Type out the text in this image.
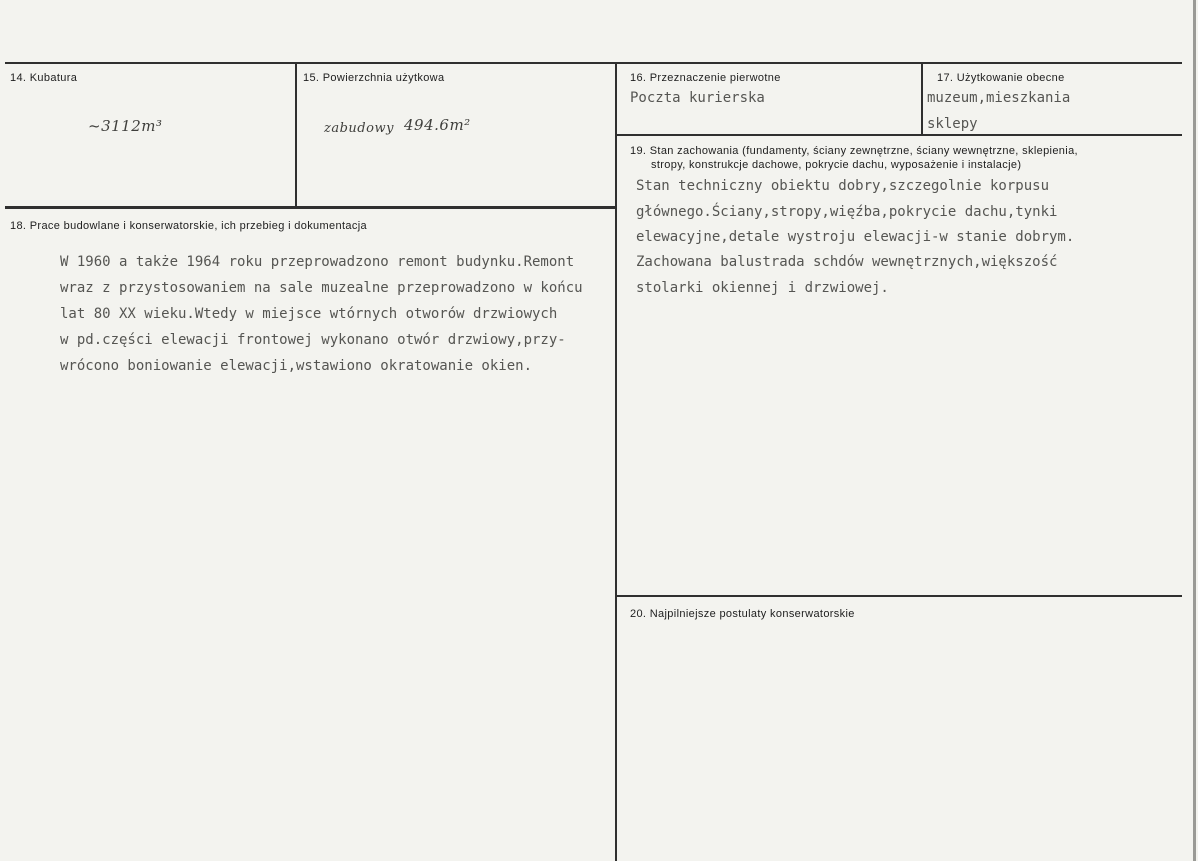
14. Kubatura
~3112m³
15. Powierzchnia użytkowa
zabudowy 494.6m²
16. Przeznaczenie pierwotne
Poczta kurierska
17. Użytkowanie obecne
muzeum,mieszkania
sklepy
18. Prace budowlane i konserwatorskie, ich przebieg i dokumentacja
W 1960 a także 1964 roku przeprowadzono remont budynku.Remont
wraz z przystosowaniem na sale muzealne przeprowadzono w końcu
lat 80 XX wieku.Wtedy w miejsce wtórnych otworów drzwiowych
w pd.części elewacji frontowej wykonano otwór drzwiowy,przy-
wrócono boniowanie elewacji,wstawiono okratowanie okien.
19. Stan zachowania (fundamenty, ściany zewnętrzne, ściany wewnętrzne, sklepienia,
stropy, konstrukcje dachowe, pokrycie dachu, wyposażenie i instalacje)
Stan techniczny obiektu dobry,szczegolnie korpusu
głównego.Ściany,stropy,więźba,pokrycie dachu,tynki
elewacyjne,detale wystroju elewacji-w stanie dobrym.
Zachowana balustrada schdów wewnętrznych,większość
stolarki okiennej i drzwiowej.
20. Najpilniejsze postulaty konserwatorskie
